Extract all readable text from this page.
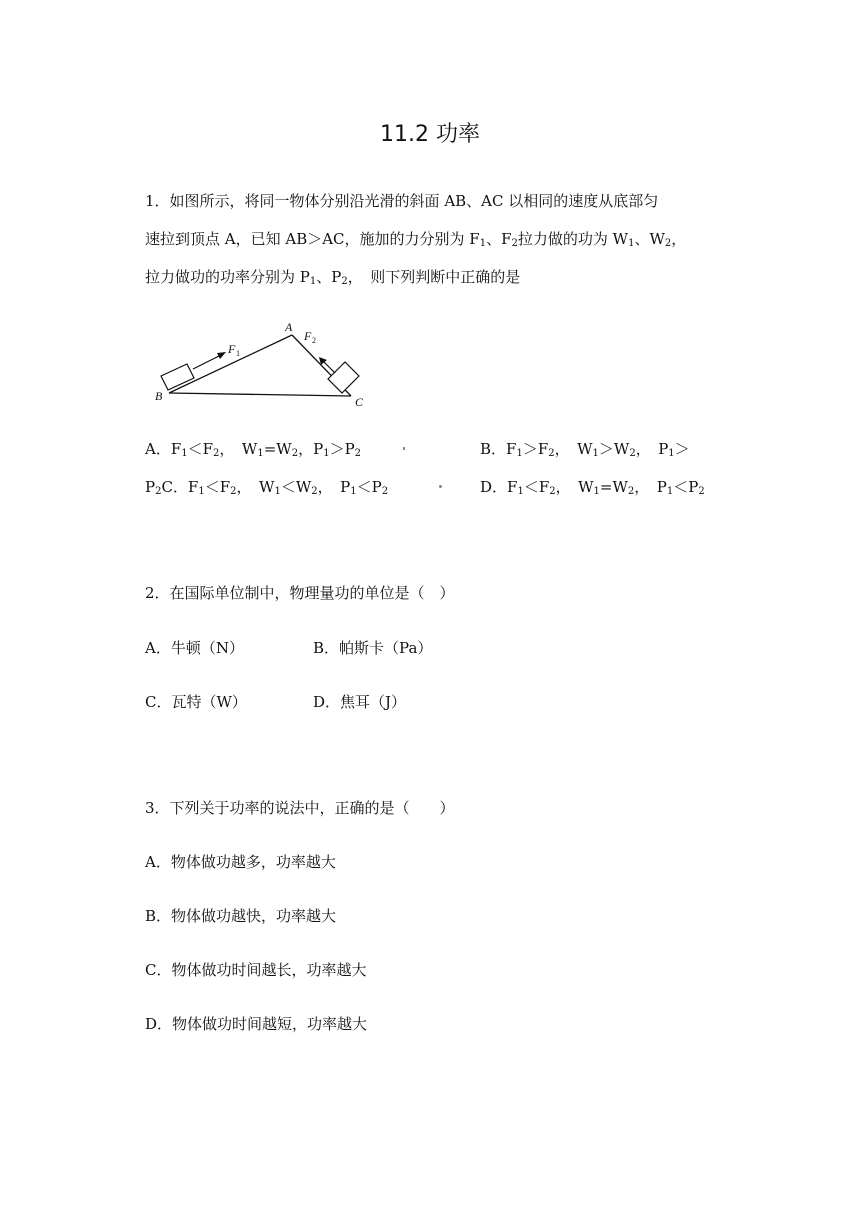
11.2 功率
1．如图所示，将同一物体分别沿光滑的斜面 AB、AC 以相同的速度从底部匀
速拉到顶点 A，已知 AB＞AC，施加的力分别为 $F_1$、$F_2$拉力做的功为 $W_1$、$W_2$，
拉力做功的功率分别为 $P_1$、$P_2$，　则下列判断中正确的是
A
B	C
F 1
F 2
A．$F_1<F_2$，　$W_1=W_2$，$P_1>P_2$	B．$F_1>F_2$，　$W_1>W_2$，　$P_1>$
$P_2C$．$F_1<F_2$，　$W_1<W_2$，　$P_1<P_2$	D．$F_1<F_2$，　$W_1=W_2$，　$P_1<P_2$
2．在国际单位制中，物理量功的单位是（　）
A．牛顿（N）	B．帕斯卡（Pa）
C．瓦特（W）	D．焦耳（J）
3．下列关于功率的说法中，正确的是（　　）
A．物体做功越多，功率越大
B．物体做功越快，功率越大
C．物体做功时间越长，功率越大
D．物体做功时间越短，功率越大
